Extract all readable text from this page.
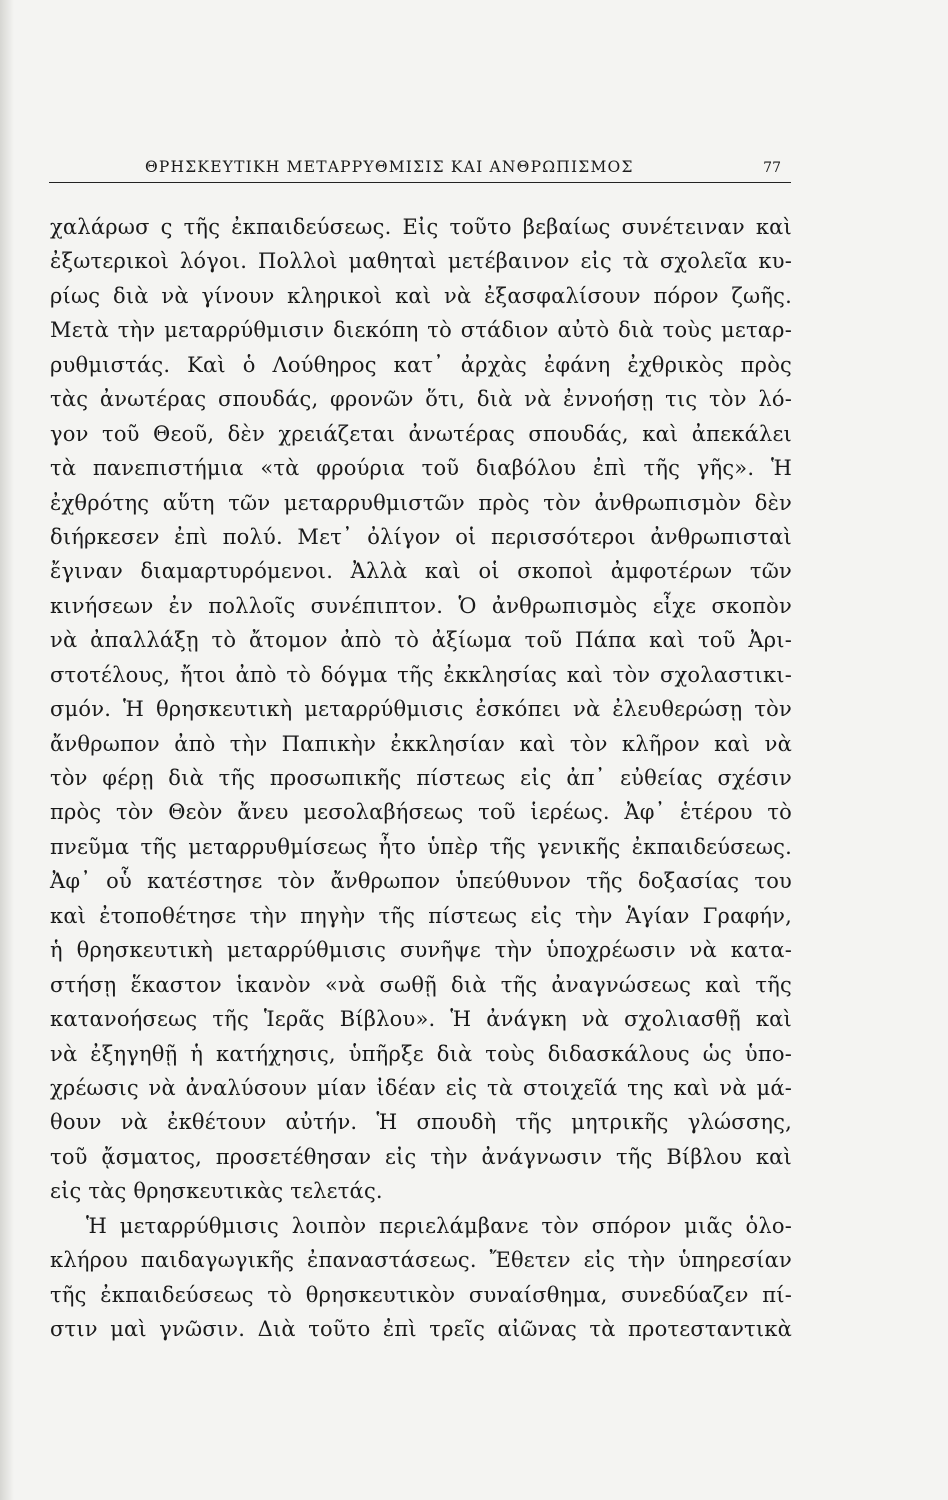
ΘΡΗΣΚΕΥΤΙΚΗ ΜΕΤΑΡΡΥΘΜΙΣΙΣ ΚΑΙ ΑΝΘΡΩΠΙΣΜΟΣ	77
χαλάρωσ ς τῆς ἐκπαιδεύσεως. Εἰς τοῦτο βεβαίως συνέτειναν καὶ
ἐξωτερικοὶ λόγοι. Πολλοὶ μαθηταὶ μετέβαινον εἰς τὰ σχολεῖα κυ-
ρίως διὰ νὰ γίνουν κληρικοὶ καὶ νὰ ἐξασφαλίσουν πόρον ζωῆς.
Μετὰ τὴν μεταρρύθμισιν διεκόπη τὸ στάδιον αὐτὸ διὰ τοὺς μεταρ-
ρυθμιστάς. Καὶ ὁ Λούθηρος κατ᾽ ἀρχὰς ἐφάνη ἐχθρικὸς πρὸς
τὰς ἀνωτέρας σπουδάς, φρονῶν ὅτι, διὰ νὰ ἐννοήσῃ τις τὸν λό-
γον τοῦ Θεοῦ, δὲν χρειάζεται ἀνωτέρας σπουδάς, καὶ ἀπεκάλει
τὰ πανεπιστήμια «τὰ φρούρια τοῦ διαβόλου ἐπὶ τῆς γῆς». Ἡ
ἐχθρότης αὕτη τῶν μεταρρυθμιστῶν πρὸς τὸν ἀνθρωπισμὸν δὲν
διήρκεσεν ἐπὶ πολύ. Μετ᾽ ὀλίγον οἱ περισσότεροι ἀνθρωπισταὶ
ἔγιναν διαμαρτυρόμενοι. Ἀλλὰ καὶ οἱ σκοποὶ ἀμφοτέρων τῶν
κινήσεων ἐν πολλοῖς συνέπιπτον. Ὁ ἀνθρωπισμὸς εἶχε σκοπὸν
νὰ ἀπαλλάξῃ τὸ ἄτομον ἀπὸ τὸ ἀξίωμα τοῦ Πάπα καὶ τοῦ Ἀρι-
στοτέλους, ἤτοι ἀπὸ τὸ δόγμα τῆς ἐκκλησίας καὶ τὸν σχολαστικι-
σμόν. Ἡ θρησκευτικὴ μεταρρύθμισις ἐσκόπει νὰ ἐλευθερώσῃ τὸν
ἄνθρωπον ἀπὸ τὴν Παπικὴν ἐκκλησίαν καὶ τὸν κλῆρον καὶ νὰ
τὸν φέρῃ διὰ τῆς προσωπικῆς πίστεως εἰς ἀπ᾽ εὐθείας σχέσιν
πρὸς τὸν Θεὸν ἄνευ μεσολαβήσεως τοῦ ἱερέως. Ἀφ᾽ ἑτέρου τὸ
πνεῦμα τῆς μεταρρυθμίσεως ἦτο ὑπὲρ τῆς γενικῆς ἐκπαιδεύσεως.
Ἀφ᾽ οὗ κατέστησε τὸν ἄνθρωπον ὑπεύθυνον τῆς δοξασίας του
καὶ ἐτοποθέτησε τὴν πηγὴν τῆς πίστεως εἰς τὴν Ἁγίαν Γραφήν,
ἡ θρησκευτικὴ μεταρρύθμισις συνῆψε τὴν ὑποχρέωσιν νὰ κατα-
στήσῃ ἕκαστον ἱκανὸν «νὰ σωθῇ διὰ τῆς ἀναγνώσεως καὶ τῆς
κατανοήσεως τῆς Ἱερᾶς Βίβλου». Ἡ ἀνάγκη νὰ σχολιασθῇ καὶ
νὰ ἐξηγηθῇ ἡ κατήχησις, ὑπῆρξε διὰ τοὺς διδασκάλους ὡς ὑπο-
χρέωσις νὰ ἀναλύσουν μίαν ἰδέαν εἰς τὰ στοιχεῖά της καὶ νὰ μά-
θουν νὰ ἐκθέτουν αὐτήν. Ἡ σπουδὴ τῆς μητρικῆς γλώσσης,
τοῦ ᾄσματος, προσετέθησαν εἰς τὴν ἀνάγνωσιν τῆς Βίβλου καὶ
εἰς τὰς θρησκευτικὰς τελετάς.
Ἡ μεταρρύθμισις λοιπὸν περιελάμβανε τὸν σπόρον μιᾶς ὁλο-
κλήρου παιδαγωγικῆς ἐπαναστάσεως. Ἔθετεν εἰς τὴν ὑπηρεσίαν
τῆς ἐκπαιδεύσεως τὸ θρησκευτικὸν συναίσθημα, συνεδύαζεν πί-
στιν μαὶ γνῶσιν. Διὰ τοῦτο ἐπὶ τρεῖς αἰῶνας τὰ προτεσταντικὰ
